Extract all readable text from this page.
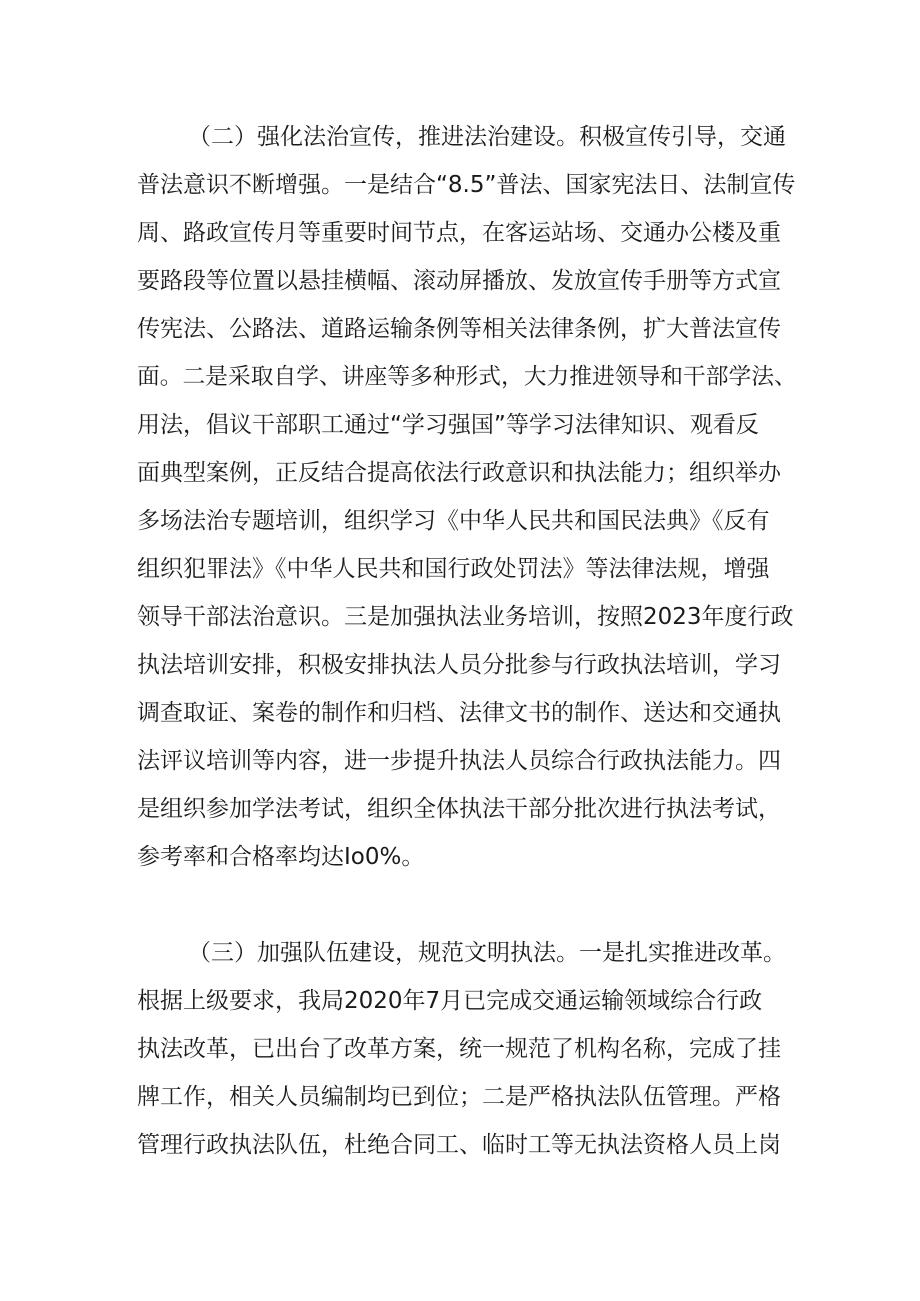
（二）强化法治宣传，推进法治建设。积极宣传引导，交通
普法意识不断增强。一是结合“8.5”普法、国家宪法日、法制宣传
周、路政宣传月等重要时间节点，在客运站场、交通办公楼及重
要路段等位置以悬挂横幅、滚动屏播放、发放宣传手册等方式宣
传宪法、公路法、道路运输条例等相关法律条例，扩大普法宣传
面。二是采取自学、讲座等多种形式，大力推进领导和干部学法、
用法，倡议干部职工通过“学习强国”等学习法律知识、观看反
面典型案例，正反结合提高依法行政意识和执法能力；组织举办
多场法治专题培训，组织学习《中华人民共和国民法典》《反有
组织犯罪法》《中华人民共和国行政处罚法》等法律法规，增强
领导干部法治意识。三是加强执法业务培训，按照2023年度行政
执法培训安排，积极安排执法人员分批参与行政执法培训，学习
调查取证、案卷的制作和归档、法律文书的制作、送达和交通执
法评议培训等内容，进一步提升执法人员综合行政执法能力。四
是组织参加学法考试，组织全体执法干部分批次进行执法考试，
参考率和合格率均达Io0%。
（三）加强队伍建设，规范文明执法。一是扎实推进改革。
根据上级要求，我局2020年7月已完成交通运输领域综合行政
执法改革，已出台了改革方案，统一规范了机构名称，完成了挂
牌工作，相关人员编制均已到位；二是严格执法队伍管理。严格
管理行政执法队伍，杜绝合同工、临时工等无执法资格人员上岗
